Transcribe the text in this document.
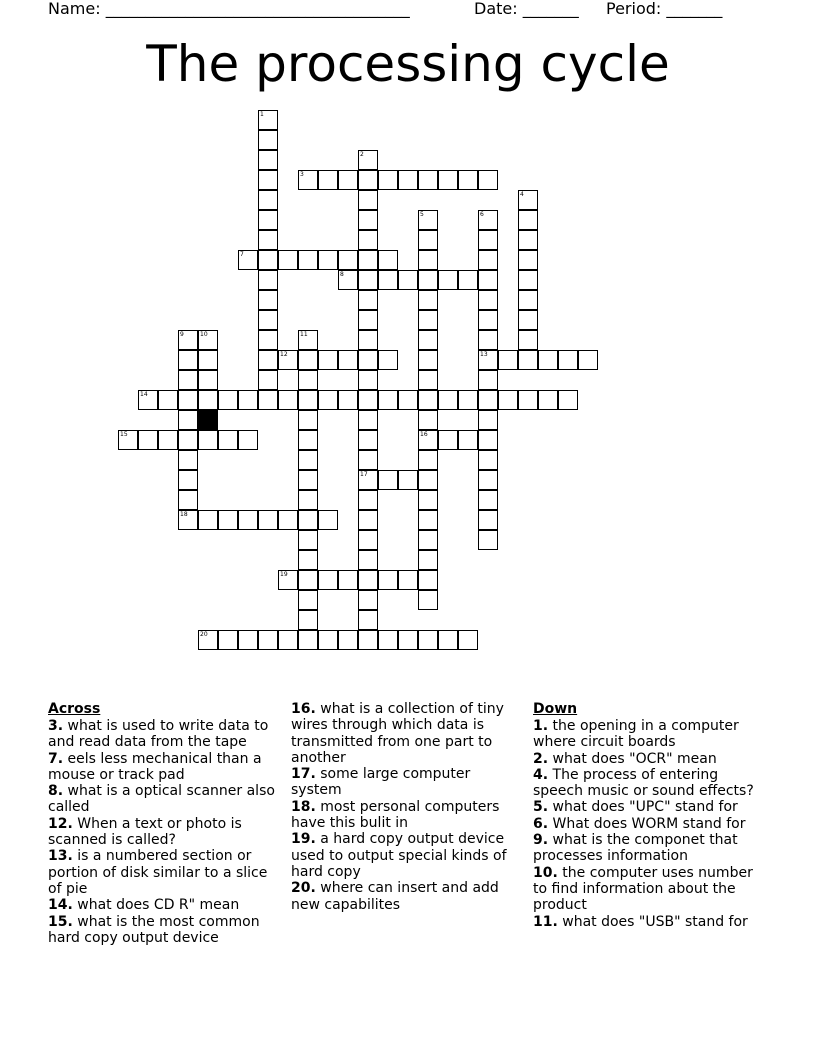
Name: ______________________________________	Date: _______ Period: _______
The processing cycle
3
7
8
12	13
14
15	16
17
18
19
20
1
2
4
5	6
9	10	11
Across
3. what is used to write data to and read data from the tape
7. eels less mechanical than a mouse or track pad
8. what is a optical scanner also called
12. When a text or photo is scanned is called?
13. is a numbered section or portion of disk similar to a slice of pie
14. what does CD R" mean
15. what is the most common hard copy output device
16. what is a collection of tiny wires through which data is transmitted from one part to another
17. some large computer system
18. most personal computers have this bulit in
19. a hard copy output device used to output special kinds of hard copy
20. where can insert and add new capabilites
Down
1. the opening in a computer where circuit boards
2. what does "OCR" mean
4. The process of entering speech music or sound effects?
5. what does "UPC" stand for
6. What does WORM stand for
9. what is the componet that processes information
10. the computer uses number to find information about the product
11. what does "USB" stand for
